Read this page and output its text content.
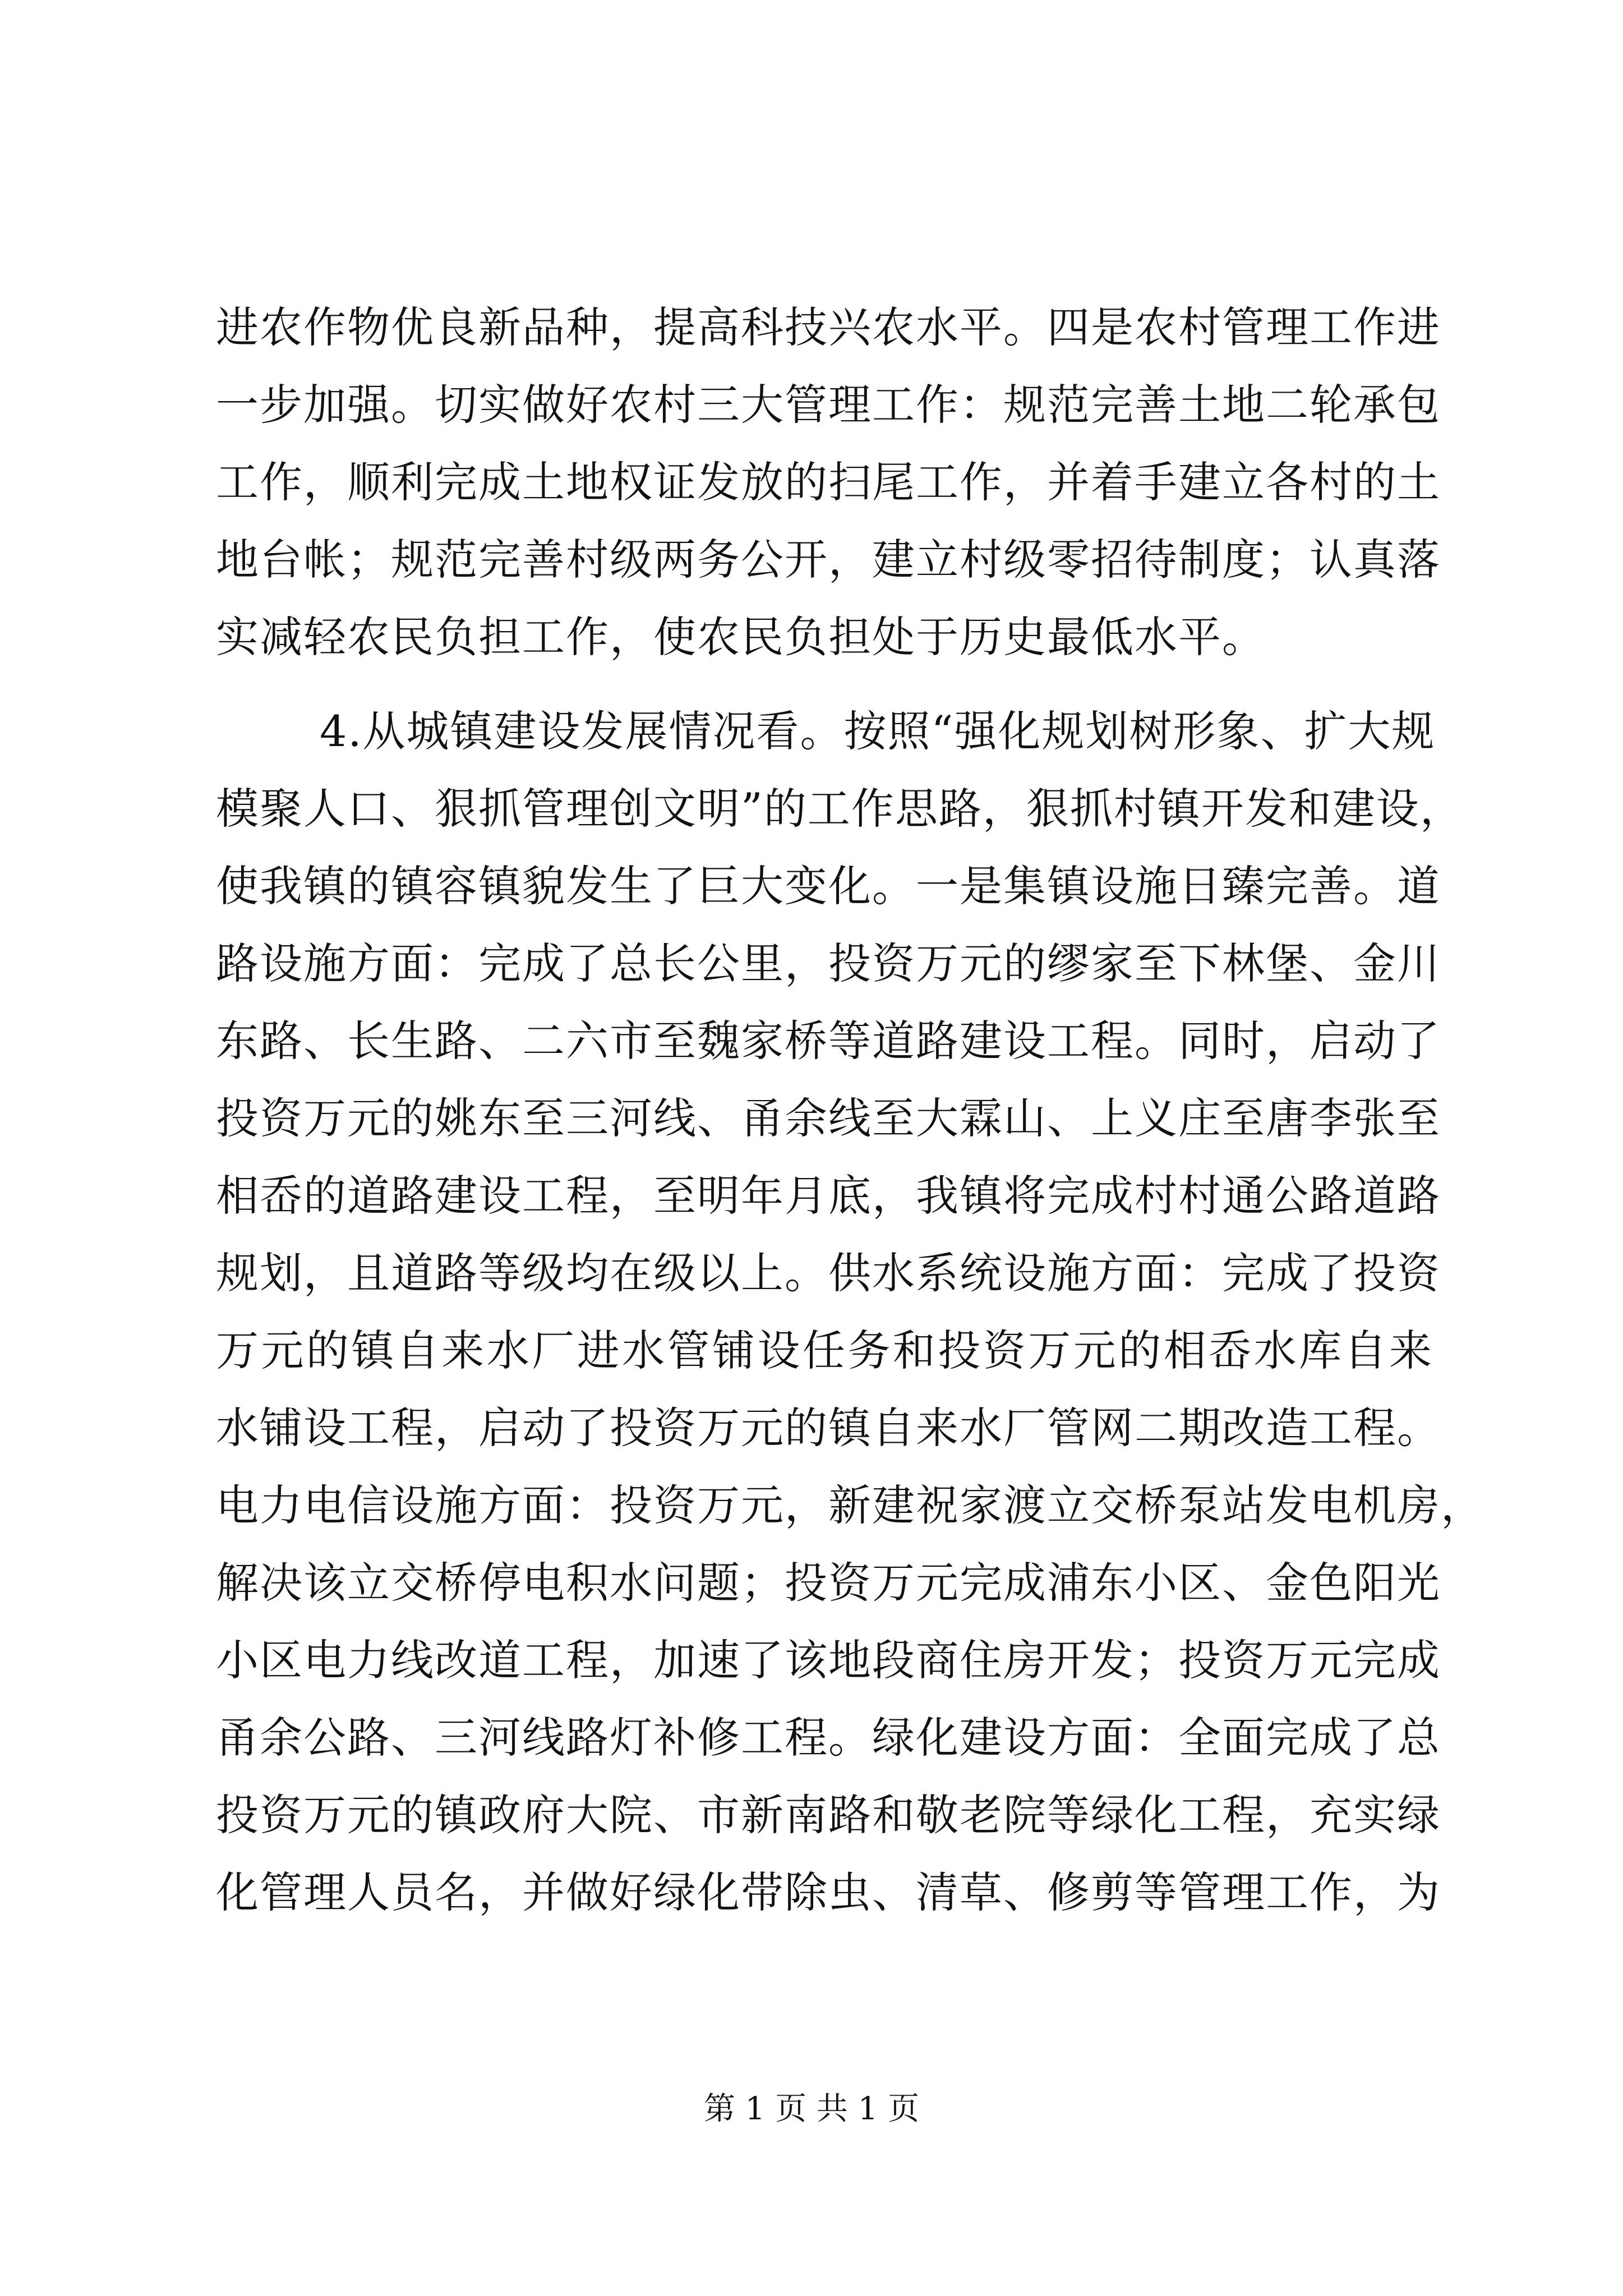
进农作物优良新品种，提高科技兴农水平。四是农村管理工作进
一步加强。切实做好农村三大管理工作：规范完善土地二轮承包
工作，顺利完成土地权证发放的扫尾工作，并着手建立各村的土
地台帐；规范完善村级两务公开，建立村级零招待制度；认真落
实减轻农民负担工作，使农民负担处于历史最低水平。
4.从城镇建设发展情况看。按照“强化规划树形象、扩大规
模聚人口、狠抓管理创文明”的工作思路，狠抓村镇开发和建设，
使我镇的镇容镇貌发生了巨大变化。一是集镇设施日臻完善。道
路设施方面：完成了总长公里，投资万元的缪家至下林堡、金川
东路、长生路、二六市至魏家桥等道路建设工程。同时，启动了
投资万元的姚东至三河线、甬余线至大霖山、上义庄至唐李张至
相岙的道路建设工程，至明年月底，我镇将完成村村通公路道路
规划，且道路等级均在级以上。供水系统设施方面：完成了投资
万元的镇自来水厂进水管铺设任务和投资万元的相岙水库自来
水铺设工程，启动了投资万元的镇自来水厂管网二期改造工程。
电力电信设施方面：投资万元，新建祝家渡立交桥泵站发电机房，
解决该立交桥停电积水问题；投资万元完成浦东小区、金色阳光
小区电力线改道工程，加速了该地段商住房开发；投资万元完成
甬余公路、三河线路灯补修工程。绿化建设方面：全面完成了总
投资万元的镇政府大院、市新南路和敬老院等绿化工程，充实绿
化管理人员名，并做好绿化带除虫、清草、修剪等管理工作，为
第 1 页 共 1 页
